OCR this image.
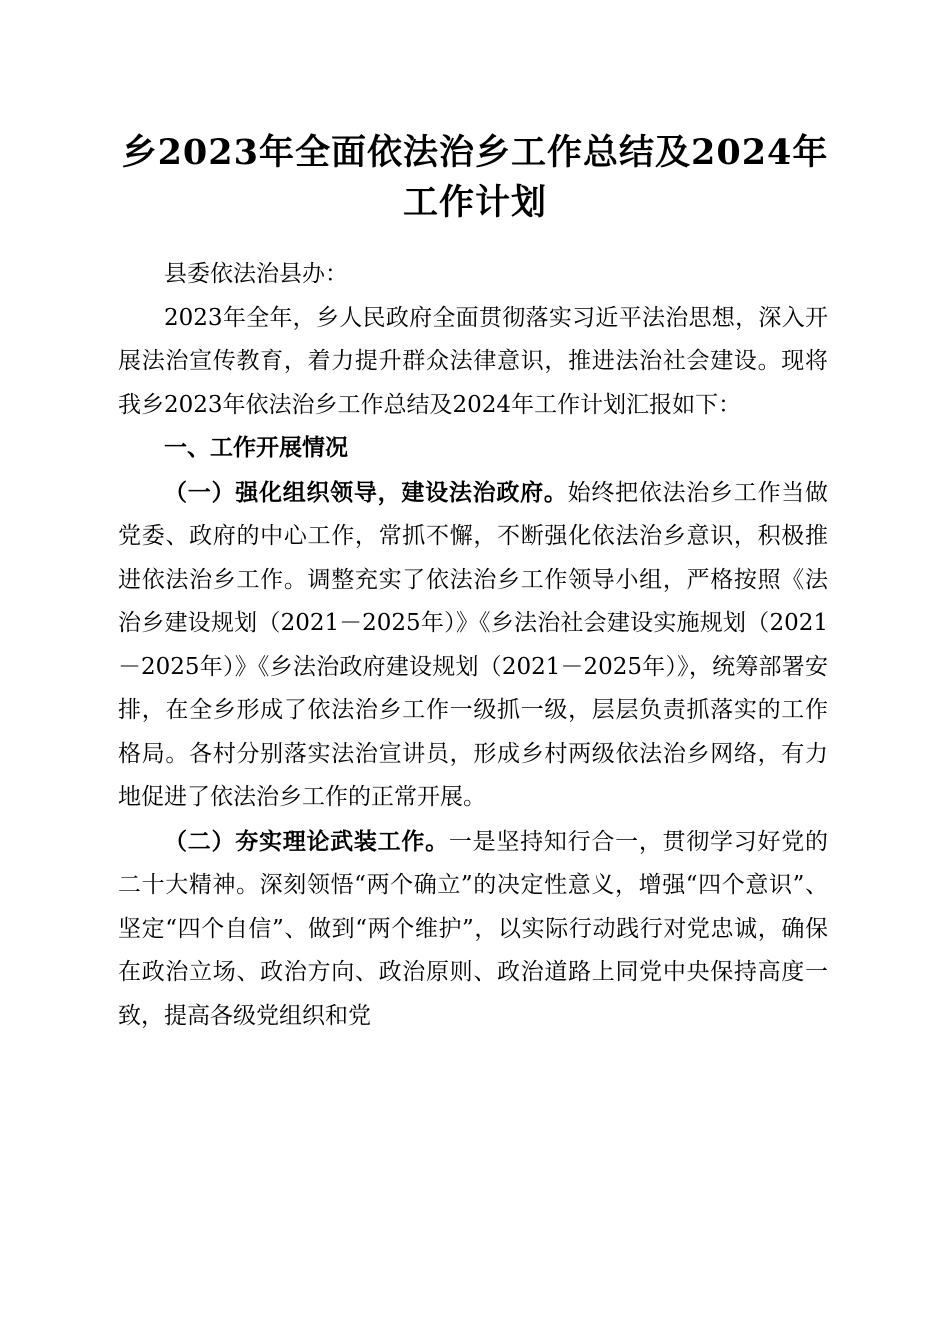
乡2023年全面依法治乡工作总结及2024年工作计划

县委依法治县办：

2023年全年，乡人民政府全面贯彻落实习近平法治思想，深入开展法治宣传教育，着力提升群众法律意识，推进法治社会建设。现将我乡2023年依法治乡工作总结及2024年工作计划汇报如下：

一、工作开展情况

（一）强化组织领导，建设法治政府。始终把依法治乡工作当做党委、政府的中心工作，常抓不懈，不断强化依法治乡意识，积极推进依法治乡工作。调整充实了依法治乡工作领导小组，严格按照《法治乡建设规划（2021－2025年）》《乡法治社会建设实施规划（2021－2025年）》《乡法治政府建设规划（2021－2025年）》，统筹部署安排，在全乡形成了依法治乡工作一级抓一级，层层负责抓落实的工作格局。各村分别落实法治宣讲员，形成乡村两级依法治乡网络，有力地促进了依法治乡工作的正常开展。

（二）夯实理论武装工作。一是坚持知行合一，贯彻学习好党的二十大精神。深刻领悟“两个确立”的决定性意义，增强“四个意识”、坚定“四个自信”、做到“两个维护”，以实际行动践行对党忠诚，确保在政治立场、政治方向、政治原则、政治道路上同党中央保持高度一致，提高各级党组织和党
